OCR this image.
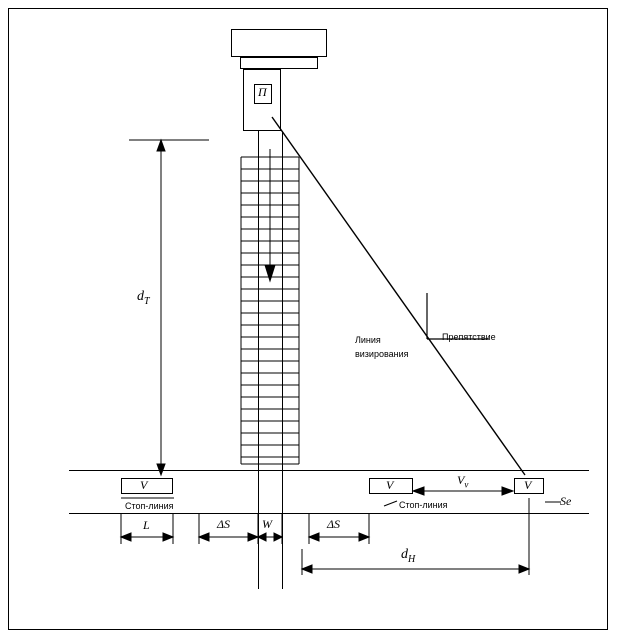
П
$d_Т$
V
Стоп-линия
V
Стоп-линия
V
$V_v$
Se
L	ΔS	W	ΔS
$d_Н$
Линия
визирования
Препятствие
